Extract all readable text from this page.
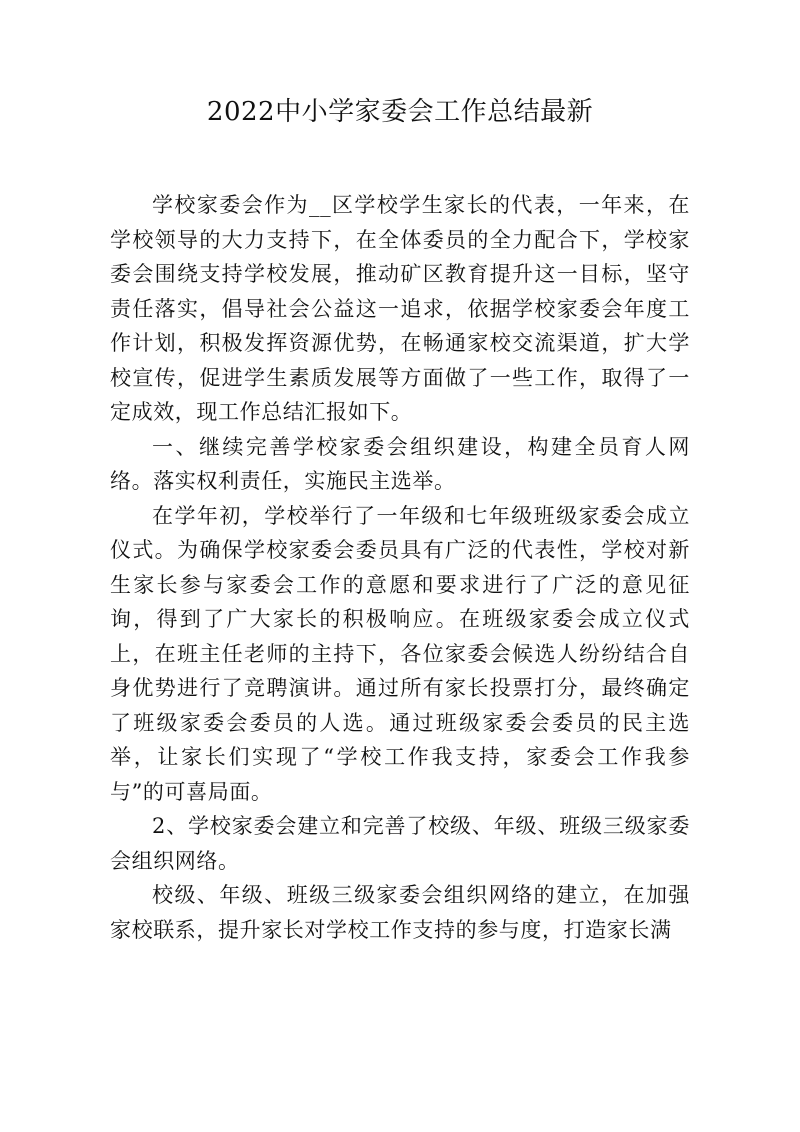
2022中小学家委会工作总结最新

学校家委会作为__区学校学生家长的代表，一年来，在学校领导的大力支持下，在全体委员的全力配合下，学校家委会围绕支持学校发展，推动矿区教育提升这一目标，坚守责任落实，倡导社会公益这一追求，依据学校家委会年度工作计划，积极发挥资源优势，在畅通家校交流渠道，扩大学校宣传，促进学生素质发展等方面做了一些工作，取得了一定成效，现工作总结汇报如下。

一、继续完善学校家委会组织建设，构建全员育人网络。落实权利责任，实施民主选举。

在学年初，学校举行了一年级和七年级班级家委会成立仪式。为确保学校家委会委员具有广泛的代表性，学校对新生家长参与家委会工作的意愿和要求进行了广泛的意见征询，得到了广大家长的积极响应。在班级家委会成立仪式上，在班主任老师的主持下，各位家委会候选人纷纷结合自身优势进行了竞聘演讲。通过所有家长投票打分，最终确定了班级家委会委员的人选。通过班级家委会委员的民主选举，让家长们实现了“学校工作我支持，家委会工作我参与”的可喜局面。

2、学校家委会建立和完善了校级、年级、班级三级家委会组织网络。

校级、年级、班级三级家委会组织网络的建立，在加强家校联系，提升家长对学校工作支持的参与度，打造家长满
